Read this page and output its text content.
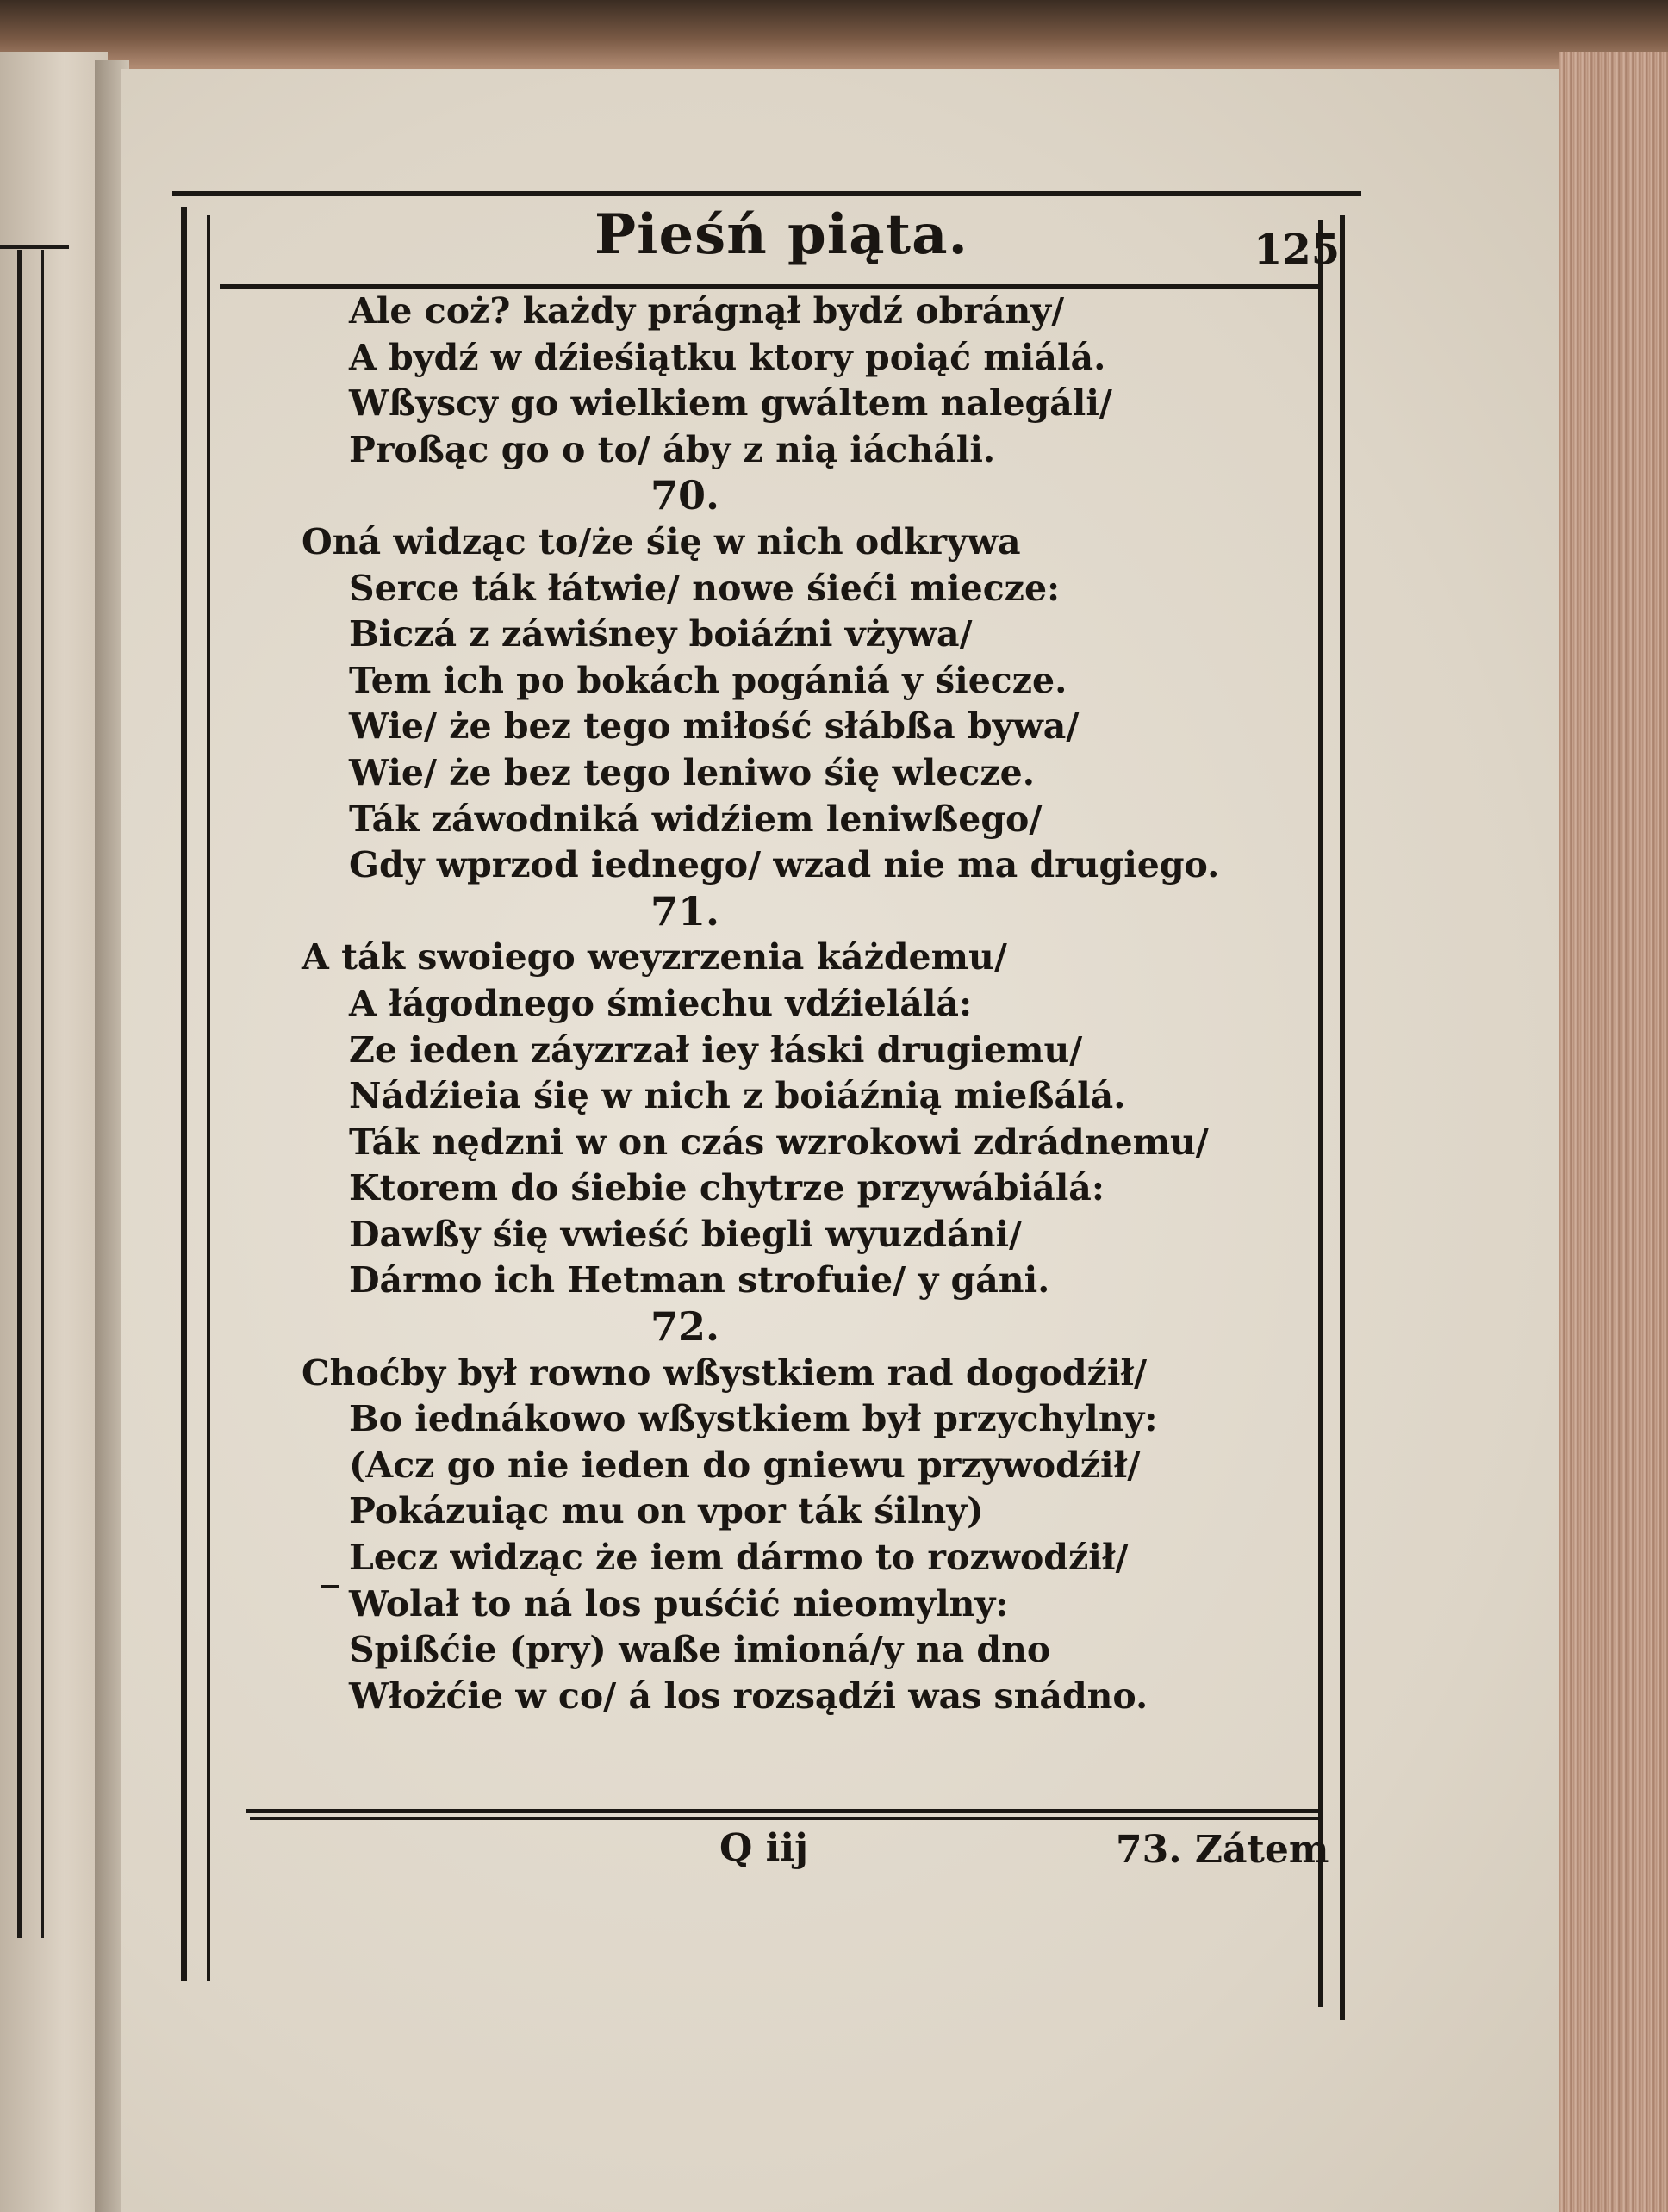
Pieśń piąta.	125
Ale coż? każdy prágnął bydź obrány/
A bydź w dźieśiątku ktory poiąć miálá.
Wßyscy go wielkiem gwáltem nalegáli/
Proßąc go o to/ áby z nią iácháli.
70.
Oná widząc to/że śię w nich odkrywa
Serce ták łátwie/ nowe śieći miecze:
Biczá z záwiśney boiáźni vżywa/
Tem ich po bokách pogániá y śiecze.
Wie/ że bez tego miłość słábßa bywa/
Wie/ że bez tego leniwo śię wlecze.
Ták záwodniká widźiem leniwßego/
Gdy wprzod iednego/ wzad nie ma drugiego.
71.
A ták swoiego weyzrzenia káżdemu/
A łágodnego śmiechu vdźielálá:
Ze ieden záyzrzał iey łáski drugiemu/
Nádźieia śię w nich z boiáźnią mießálá.
Ták nędzni w on czás wzrokowi zdrádnemu/
Ktorem do śiebie chytrze przywábiálá:
Dawßy śię vwieść biegli wyuzdáni/
Dármo ich Hetman strofuie/ y gáni.
72.
Choćby był rowno wßystkiem rad dogodźił/
Bo iednákowo wßystkiem był przychylny:
(Acz go nie ieden do gniewu przywodźił/
Pokázuiąc mu on vpor ták śilny)
Lecz widząc że iem dármo to rozwodźił/
Wolał to ná los puśćić nieomylny:
Spißćie (pry) waße imioná/y na dno
Włożćie w co/ á los rozsądźi was snádno.
Q iij	73. Zátem
